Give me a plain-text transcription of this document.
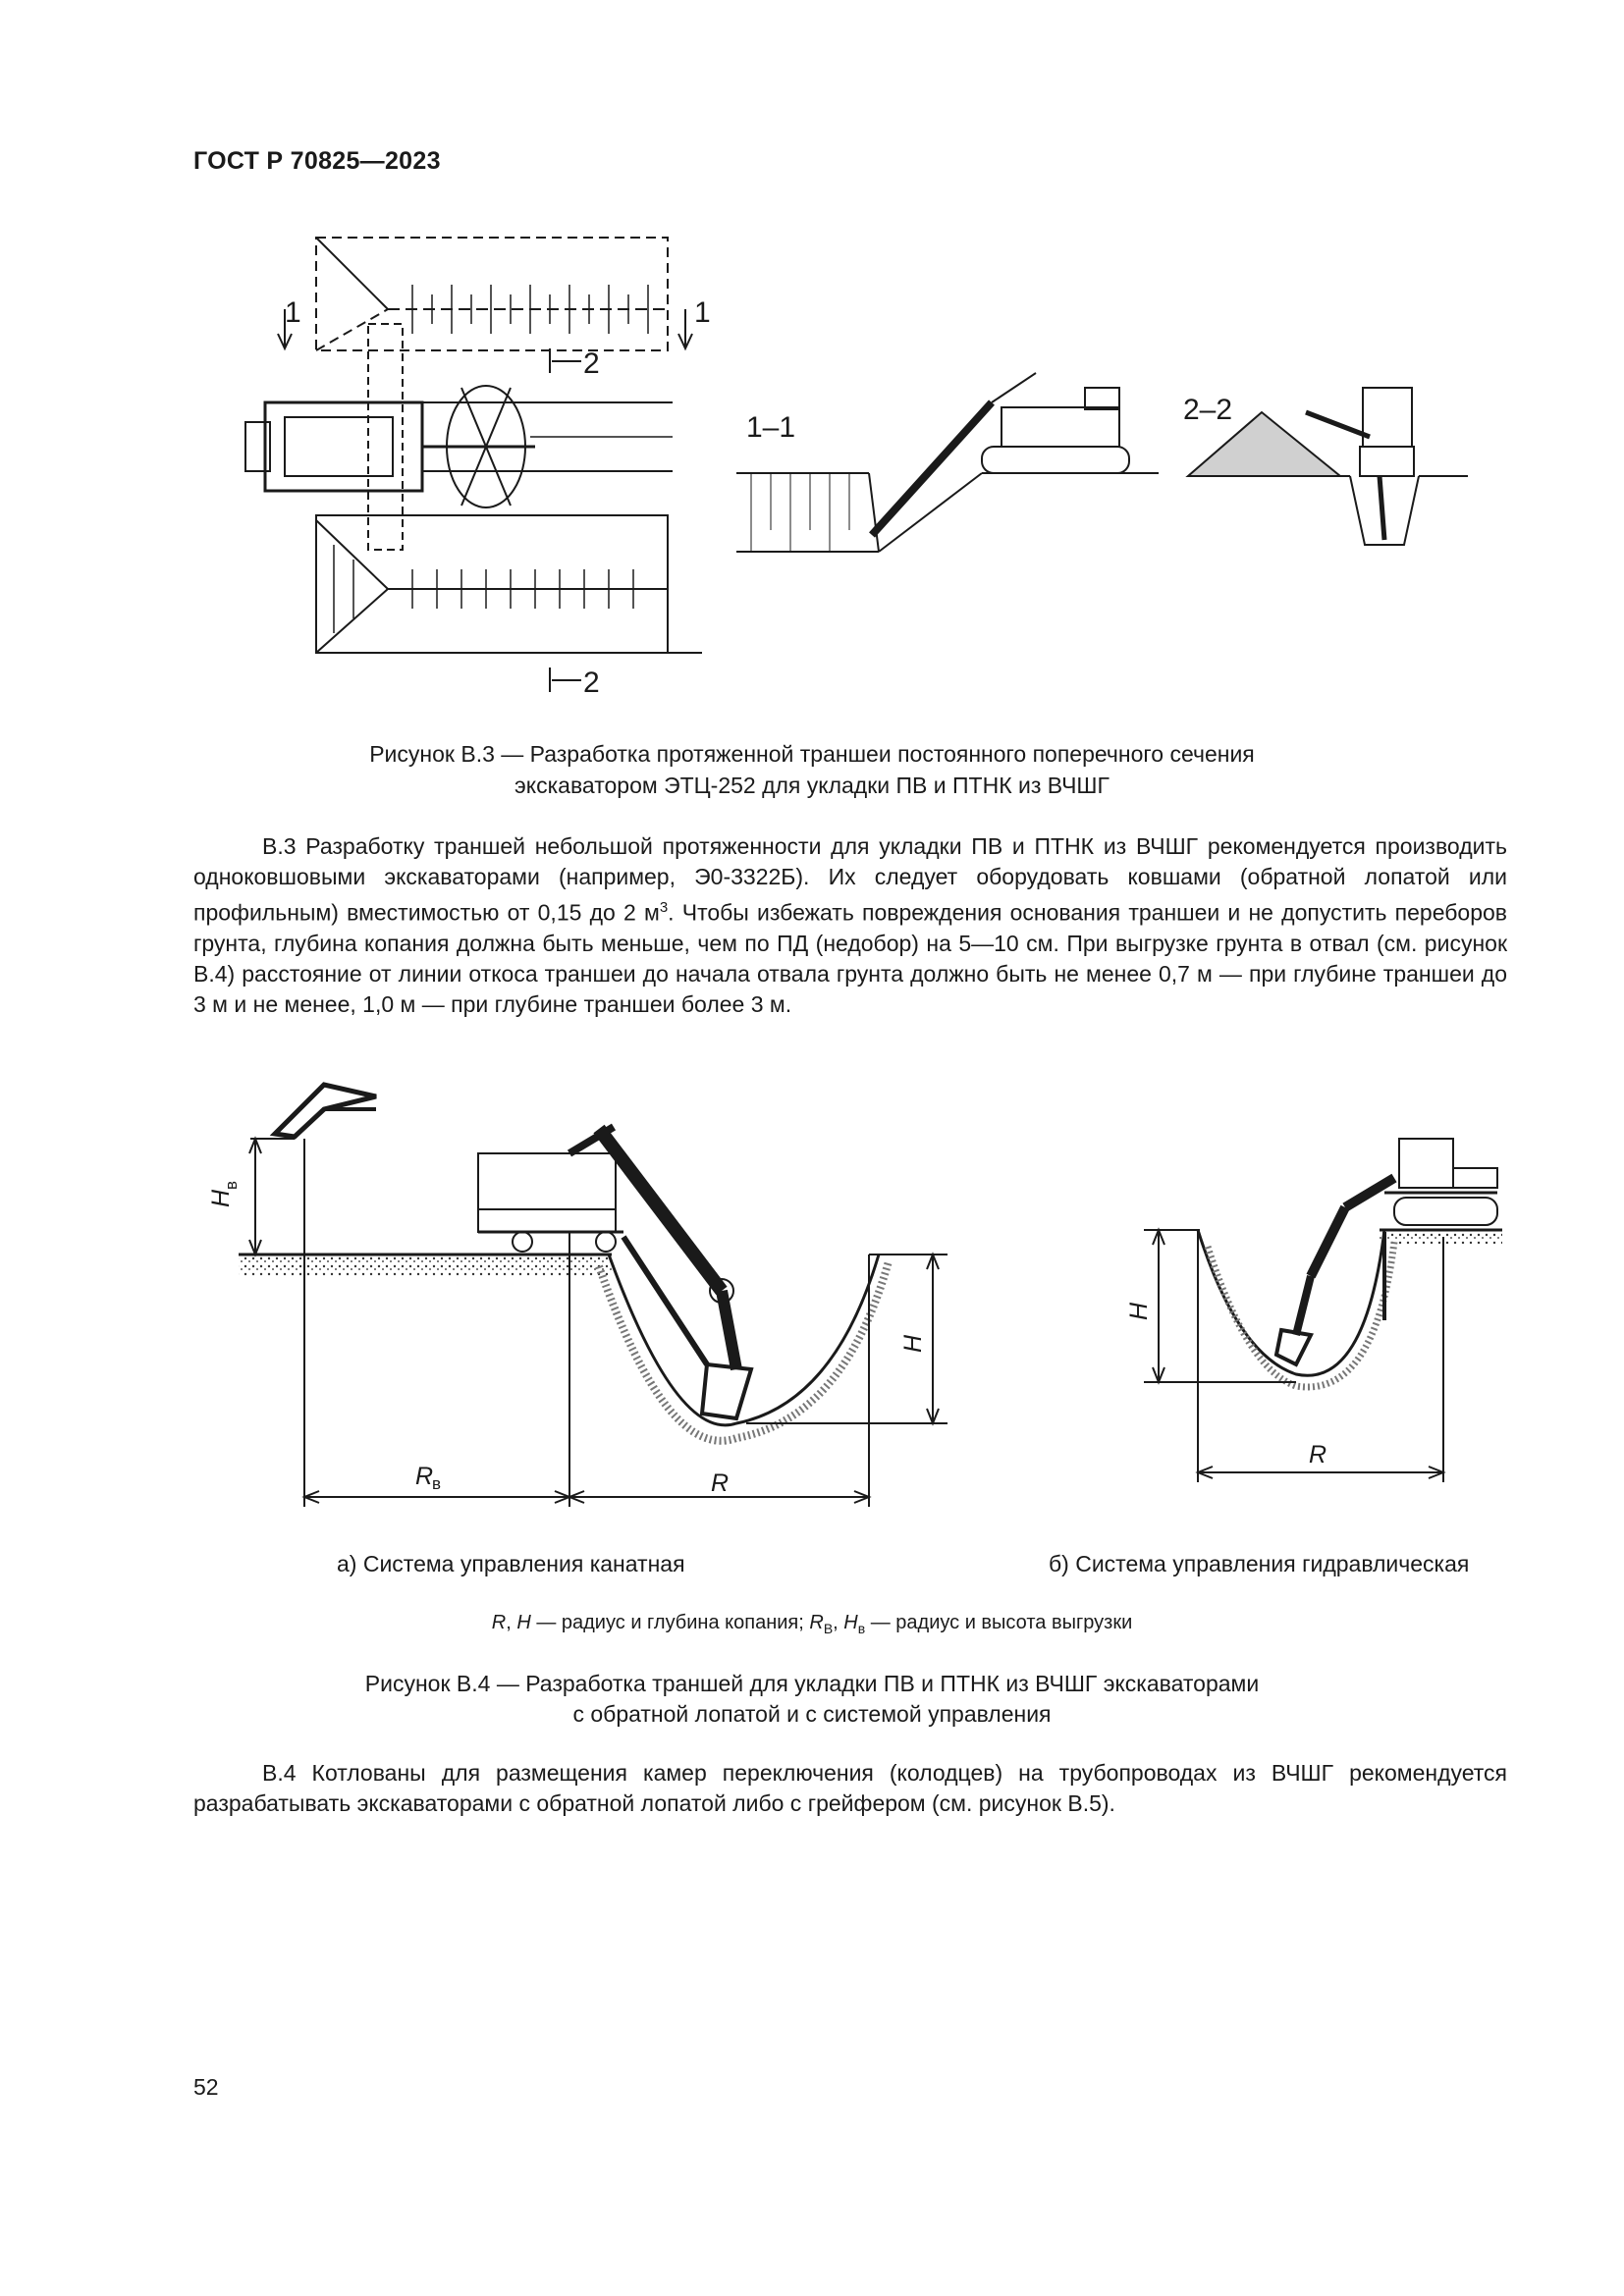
ГОСТ Р 70825—2023
1	1
2
2
1–1
2–2
Рисунок В.3 — Разработка протяженной траншеи постоянного поперечного сечения
экскаватором ЭТЦ-252 для укладки ПВ и ПТНК из ВЧШГ

В.3 Разработку траншей небольшой протяженности для укладки ПВ и ПТНК из ВЧШГ рекомендуется производить одноковшовыми экскаваторами (например, Э0-3322Б). Их следует оборудовать ковшами (обратной лопатой или профильным) вместимостью от 0,15 до 2 $м^3$. Чтобы избежать повреждения основания траншеи и не допустить переборов грунта, глубина копания должна быть меньше, чем по ПД (недобор) на 5—10 см. При выгрузке грунта в отвал (см. рисунок В.4) расстояние от линии откоса траншеи до начала отвала грунта должно быть не менее 0,7 м — при глубине траншеи до 3 м и не менее, 1,0 м — при глубине траншеи более 3 м.

H
в
R
в	R
H
H
R
а) Система управления канатная	б) Система управления гидравлическая
R, H — радиус и глубина копания; $R_В$, $H_в$ — радиус и высота выгрузки
Рисунок В.4 — Разработка траншей для укладки ПВ и ПТНК из ВЧШГ экскаваторами
с обратной лопатой и с системой управления

В.4 Котлованы для размещения камер переключения (колодцев) на трубопроводах из ВЧШГ рекомендуется разрабатывать экскаваторами с обратной лопатой либо с грейфером (см. рисунок В.5).

52
